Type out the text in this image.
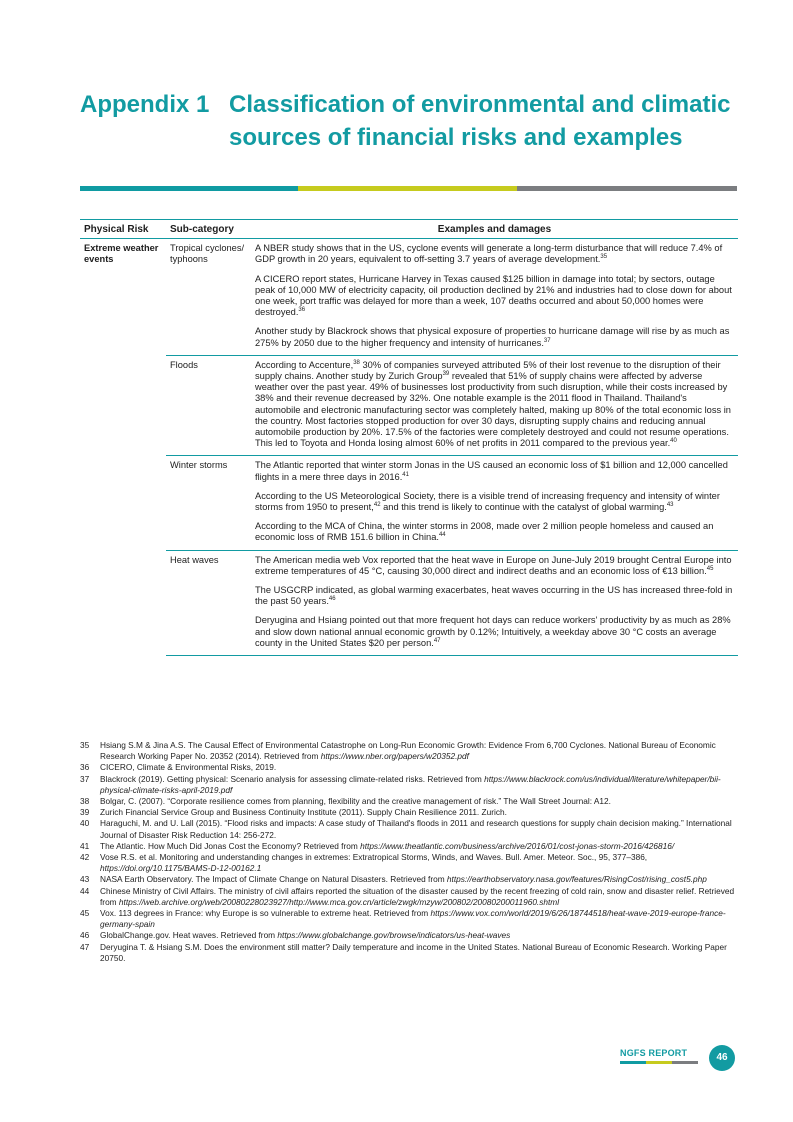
Appendix 1 Classification of environmental and climatic sources of financial risks and examples
Physical Risk	Sub-category	Examples and damages
Extreme weather events	Tropical cyclones/ typhoons	A NBER study shows that in the US, cyclone events will generate a long-term disturbance that will reduce 7.4% of GDP growth in 20 years, equivalent to off-setting 3.7 years of average development.$^{35}$

A CICERO report states, Hurricane Harvey in Texas caused $125 billion in damage into total; by sectors, outage peak of 10,000 MW of electricity capacity, oil production declined by 21% and industries had to close down for about one week, port traffic was delayed for more than a week, 107 deaths occurred and about 50,000 homes were destroyed.$^{36}$

Another study by Blackrock shows that physical exposure of properties to hurricane damage will rise by as much as 275% by 2050 due to the higher frequency and intensity of hurricanes.$^{37}$

	Floods	According to Accenture,$^{38}$ 30% of companies surveyed attributed 5% of their lost revenue to the disruption of their supply chains. Another study by Zurich Group$^{39}$ revealed that 51% of supply chains were affected by adverse weather over the past year. 49% of businesses lost productivity from such disruption, while their costs increased by 38% and their revenue decreased by 32%. One notable example is the 2011 flood in Thailand. Thailand's automobile and electronic manufacturing sector was completely halted, making up 80% of the total economic loss in the country. Most factories stopped production for over 30 days, disrupting supply chains and reducing annual automobile production by 20%. 17.5% of the factories were completely destroyed and could not resume operations. This led to Toyota and Honda losing almost 60% of net profits in 2011 compared to the previous year.$^{40}$

	Winter storms	The Atlantic reported that winter storm Jonas in the US caused an economic loss of $1 billion and 12,000 cancelled flights in a mere three days in 2016.41

According to the US Meteorological Society, there is a visible trend of increasing frequency and intensity of winter storms from 1950 to present,$^{42}$ and this trend is likely to continue with the catalyst of global warming.$^{43}$

According to the MCA of China, the winter storms in 2008, made over 2 million people homeless and caused an economic loss of RMB 151.6 billion in China.$^{44}$

	Heat waves	The American media web Vox reported that the heat wave in Europe on June-July 2019 brought Central Europe into extreme temperatures of 45 °C, causing 30,000 direct and indirect deaths and an economic loss of €13 billion.$^{45}$

The USGCRP indicated, as global warming exacerbates, heat waves occurring in the US has increased three-fold in the past 50 years.$^{46}$

Deryugina and Hsiang pointed out that more frequent hot days can reduce workers' productivity by as much as 28% and slow down national annual economic growth by 0.12%; Intuitively, a weekday above 30 °C costs an average county in the United States $20 per person.$^{47}$

35 Hsiang S.M & Jina A.S. The Causal Effect of Environmental Catastrophe on Long-Run Economic Growth: Evidence From 6,700 Cyclones. National Bureau of Economic Research Working Paper No. 20352 (2014). Retrieved from https://www.nber.org/papers/w20352.pdf
36 CICERO, Climate & Environmental Risks, 2019.
37 Blackrock (2019). Getting physical: Scenario analysis for assessing climate-related risks. Retrieved from https://www.blackrock.com/us/individual/literature/whitepaper/bii-physical-climate-risks-april-2019.pdf
38 Bolgar, C. (2007). “Corporate resilience comes from planning, flexibility and the creative management of risk.” The Wall Street Journal: A12.
39 Zurich Financial Service Group and Business Continuity Institute (2011). Supply Chain Resilience 2011. Zurich.
40 Haraguchi, M. and U. Lall (2015). “Flood risks and impacts: A case study of Thailand's floods in 2011 and research questions for supply chain decision making.” International Journal of Disaster Risk Reduction 14: 256-272.
41 The Atlantic. How Much Did Jonas Cost the Economy? Retrieved from https://www.theatlantic.com/business/archive/2016/01/cost-jonas-storm-2016/426816/
42 Vose R.S. et al. Monitoring and understanding changes in extremes: Extratropical Storms, Winds, and Waves. Bull. Amer. Meteor. Soc., 95, 377–386, https://doi.org/10.1175/BAMS-D-12-00162.1
43 NASA Earth Observatory. The Impact of Climate Change on Natural Disasters. Retrieved from https://earthobservatory.nasa.gov/features/RisingCost/rising_cost5.php
44 Chinese Ministry of Civil Affairs. The ministry of civil affairs reported the situation of the disaster caused by the recent freezing of cold rain, snow and disaster relief. Retrieved from https://web.archive.org/web/20080228023927/http://www.mca.gov.cn/article/zwgk/mzyw/200802/20080200011960.shtml
45 Vox. 113 degrees in France: why Europe is so vulnerable to extreme heat. Retrieved from https://www.vox.com/world/2019/6/26/18744518/heat-wave-2019-europe-france-germany-spain
46 GlobalChange.gov. Heat waves. Retrieved from https://www.globalchange.gov/browse/indicators/us-heat-waves
47 Deryugina T. & Hsiang S.M. Does the environment still matter? Daily temperature and income in the United States. National Bureau of Economic Research. Working Paper 20750.
NGFS REPORT	46
